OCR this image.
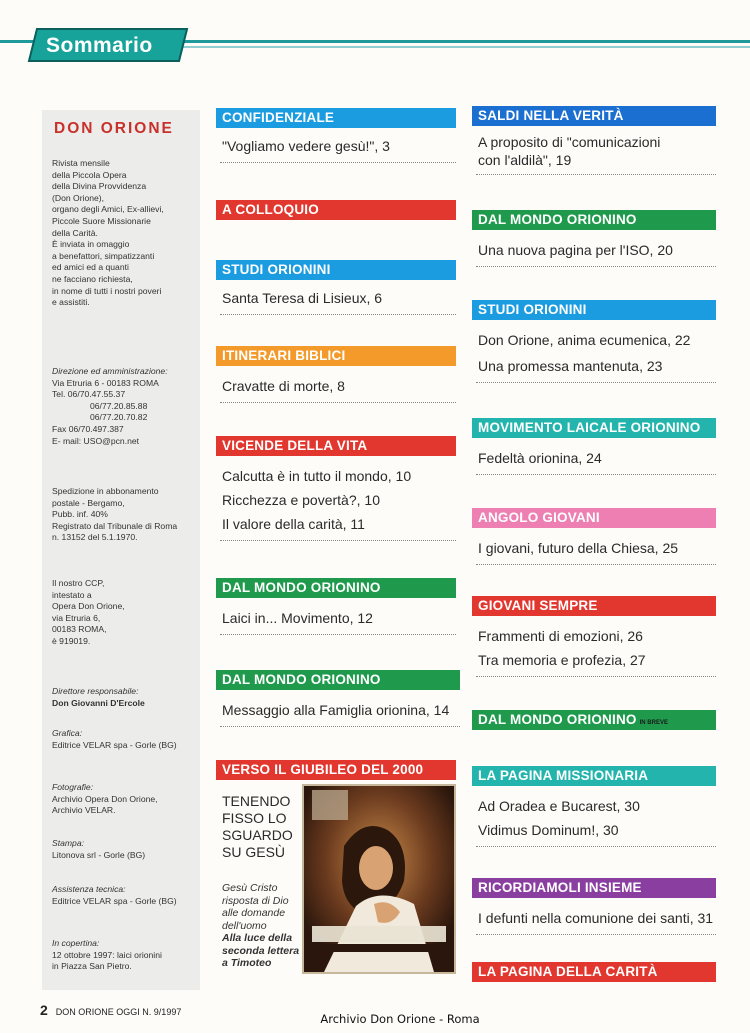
Sommario
DON ORIONE
Rivista mensile
della Piccola Opera
della Divina Provvidenza
(Don Orione),
organo degli Amici, Ex-allievi,
Piccole Suore Missionarie
della Carità.
È inviata in omaggio
a benefattori, simpatizzanti
ed amici ed a quanti
ne facciano richiesta,
in nome di tutti i nostri poveri
e assistiti.
Direzione ed amministrazione:
Via Etruria 6 - 00183 ROMA
Tel. 06/70.47.55.37
06/77.20.85.88
06/77.20.70.82
Fax 06/70.497.387
E- mail: USO@pcn.net
Spedizione in abbonamento
postale - Bergamo,
Pubb. inf. 40%
Registrato dal Tribunale di Roma
n. 13152 del 5.1.1970.
Il nostro CCP,
intestato a
Opera Don Orione,
via Etruria 6,
00183 ROMA,
è 919019.
Direttore responsabile:
Don Giovanni D'Ercole
Grafica:
Editrice VELAR spa - Gorle (BG)
Fotografie:
Archivio Opera Don Orione,
Archivio VELAR.
Stampa:
Litonova srl - Gorle (BG)
Assistenza tecnica:
Editrice VELAR spa - Gorle (BG)
In copertina:
12 ottobre 1997: laici orionini
in Piazza San Pietro.
CONFIDENZIALE
"Vogliamo vedere gesù!", 3
A COLLOQUIO
STUDI ORIONINI
Santa Teresa di Lisieux, 6
ITINERARI BIBLICI
Cravatte di morte, 8
VICENDE DELLA VITA
Calcutta è in tutto il mondo, 10
Ricchezza e povertà?, 10
Il valore della carità, 11
DAL MONDO ORIONINO
Laici in... Movimento, 12
DAL MONDO ORIONINO
Messaggio alla Famiglia orionina, 14
VERSO IL GIUBILEO DEL 2000
TENENDO
FISSO LO
SGUARDO
SU GESÙ
Gesù Cristo
risposta di Dio
alle domande
dell'uomo
Alla luce della
seconda lettera
a Timoteo
SALDI NELLA VERITÀ
A proposito di "comunicazioni
con l'aldilà", 19
DAL MONDO ORIONINO
Una nuova pagina per l'ISO, 20
STUDI ORIONINI
Don Orione, anima ecumenica, 22
Una promessa mantenuta, 23
MOVIMENTO LAICALE ORIONINO
Fedeltà orionina, 24
ANGOLO GIOVANI
I giovani, futuro della Chiesa, 25
GIOVANI SEMPRE
Frammenti di emozioni, 26
Tra memoria e profezia, 27
DAL MONDO ORIONINO IN BREVE
LA PAGINA MISSIONARIA
Ad Oradea e Bucarest, 30
Vidimus Dominum!, 30
RICORDIAMOLI INSIEME
I defunti nella comunione dei santi, 31
LA PAGINA DELLA CARITÀ
2 DON ORIONE OGGI N. 9/1997	Archivio Don Orione - Roma
